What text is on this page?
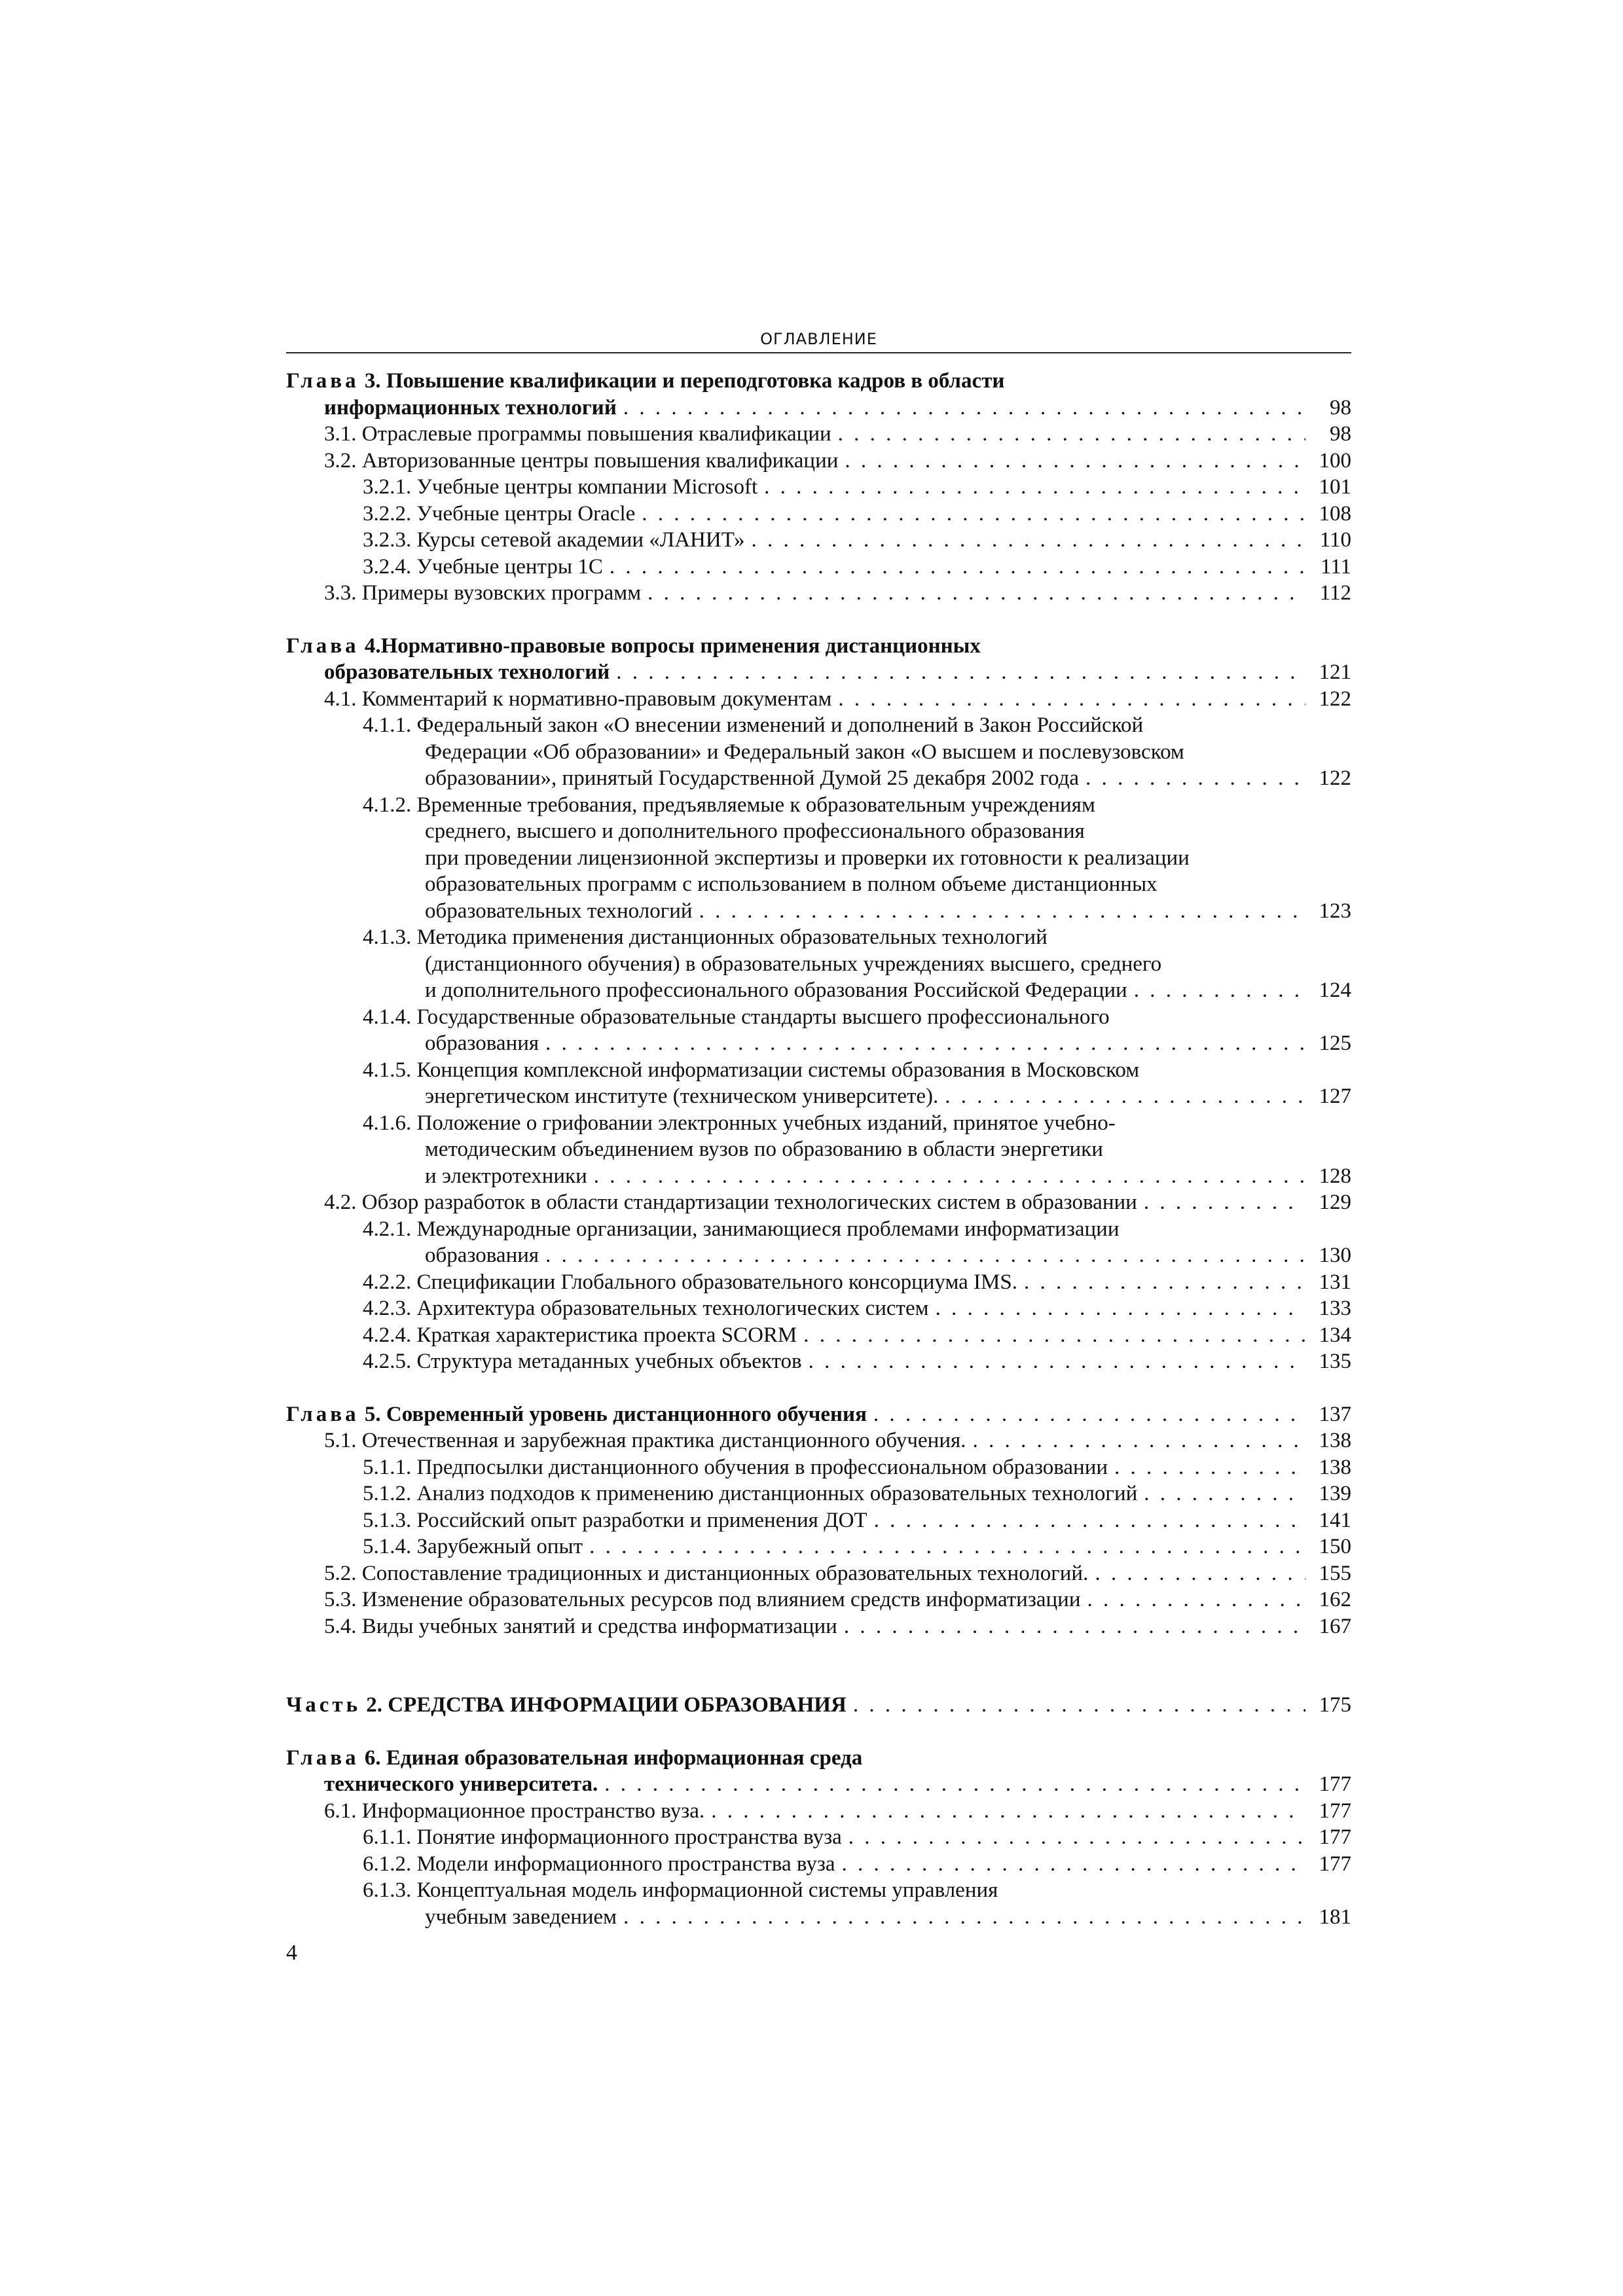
ОГЛАВЛЕНИЕ
Глава 3. Повышение квалификации и переподготовка кадров в области
информационных технологий . . .	98
3.1. Отраслевые программы повышения квалификации . . .	98
3.2. Авторизованные центры повышения квалификации . . .	100
3.2.1. Учебные центры компании Microsoft . . .	101
3.2.2. Учебные центры Oracle . . .	108
3.2.3. Курсы сетевой академии «ЛАНИТ» . . .	110
3.2.4. Учебные центры 1С . . .	111
3.3. Примеры вузовских программ . . .	112
Глава 4.Нормативно-правовые вопросы применения дистанционных
образовательных технологий . . .	121
4.1. Комментарий к нормативно-правовым документам . . .	122
4.1.1. Федеральный закон «О внесении изменений и дополнений в Закон Российской
Федерации «Об образовании» и Федеральный закон «О высшем и послевузовском
образовании», принятый Государственной Думой 25 декабря 2002 года . . .	122
4.1.2. Временные требования, предъявляемые к образовательным учреждениям
среднего, высшего и дополнительного профессионального образования
при проведении лицензионной экспертизы и проверки их готовности к реализации
образовательных программ с использованием в полном объеме дистанционных
образовательных технологий . . .	123
4.1.3. Методика применения дистанционных образовательных технологий
(дистанционного обучения) в образовательных учреждениях высшего, среднего
и дополнительного профессионального образования Российской Федерации . . .	124
4.1.4. Государственные образовательные стандарты высшего профессионального
образования . . .	125
4.1.5. Концепция комплексной информатизации системы образования в Московском
энергетическом институте (техническом университете). . . .	127
4.1.6. Положение о грифовании электронных учебных изданий, принятое учебно-
методическим объединением вузов по образованию в области энергетики
и электротехники . . .	128
4.2. Обзор разработок в области стандартизации технологических систем в образовании . . .	129
4.2.1. Международные организации, занимающиеся проблемами информатизации
образования . . .	130
4.2.2. Спецификации Глобального образовательного консорциума IMS. . . .	131
4.2.3. Архитектура образовательных технологических систем . . .	133
4.2.4. Краткая характеристика проекта SCORM . . .	134
4.2.5. Структура метаданных учебных объектов . . .	135
Глава
5. Современный уровень дистанционного обучения . . .	137
5.1. Отечественная и зарубежная практика дистанционного обучения. . . .	138
5.1.1. Предпосылки дистанционного обучения в профессиональном образовании . . .	138
5.1.2. Анализ подходов к применению дистанционных образовательных технологий . . .	139
5.1.3. Российский опыт разработки и применения ДОТ . . .	141
5.1.4. Зарубежный опыт . . .	150
5.2. Сопоставление традиционных и дистанционных образовательных технологий. . . .	155
5.3. Изменение образовательных ресурсов под влиянием средств информатизации . . .	162
5.4. Виды учебных занятий и средства информатизации . . .	167
Часть
2. СРЕДСТВА ИНФОРМАЦИИ ОБРАЗОВАНИЯ . . .	175
Глава 6. Единая образовательная информационная среда
технического университета. . . .	177
6.1. Информационное пространство вуза. . . .	177
6.1.1. Понятие информационного пространства вуза . . .	177
6.1.2. Модели информационного пространства вуза . . .	177
6.1.3. Концептуальная модель информационной системы управления
учебным заведением . . .	181
4
